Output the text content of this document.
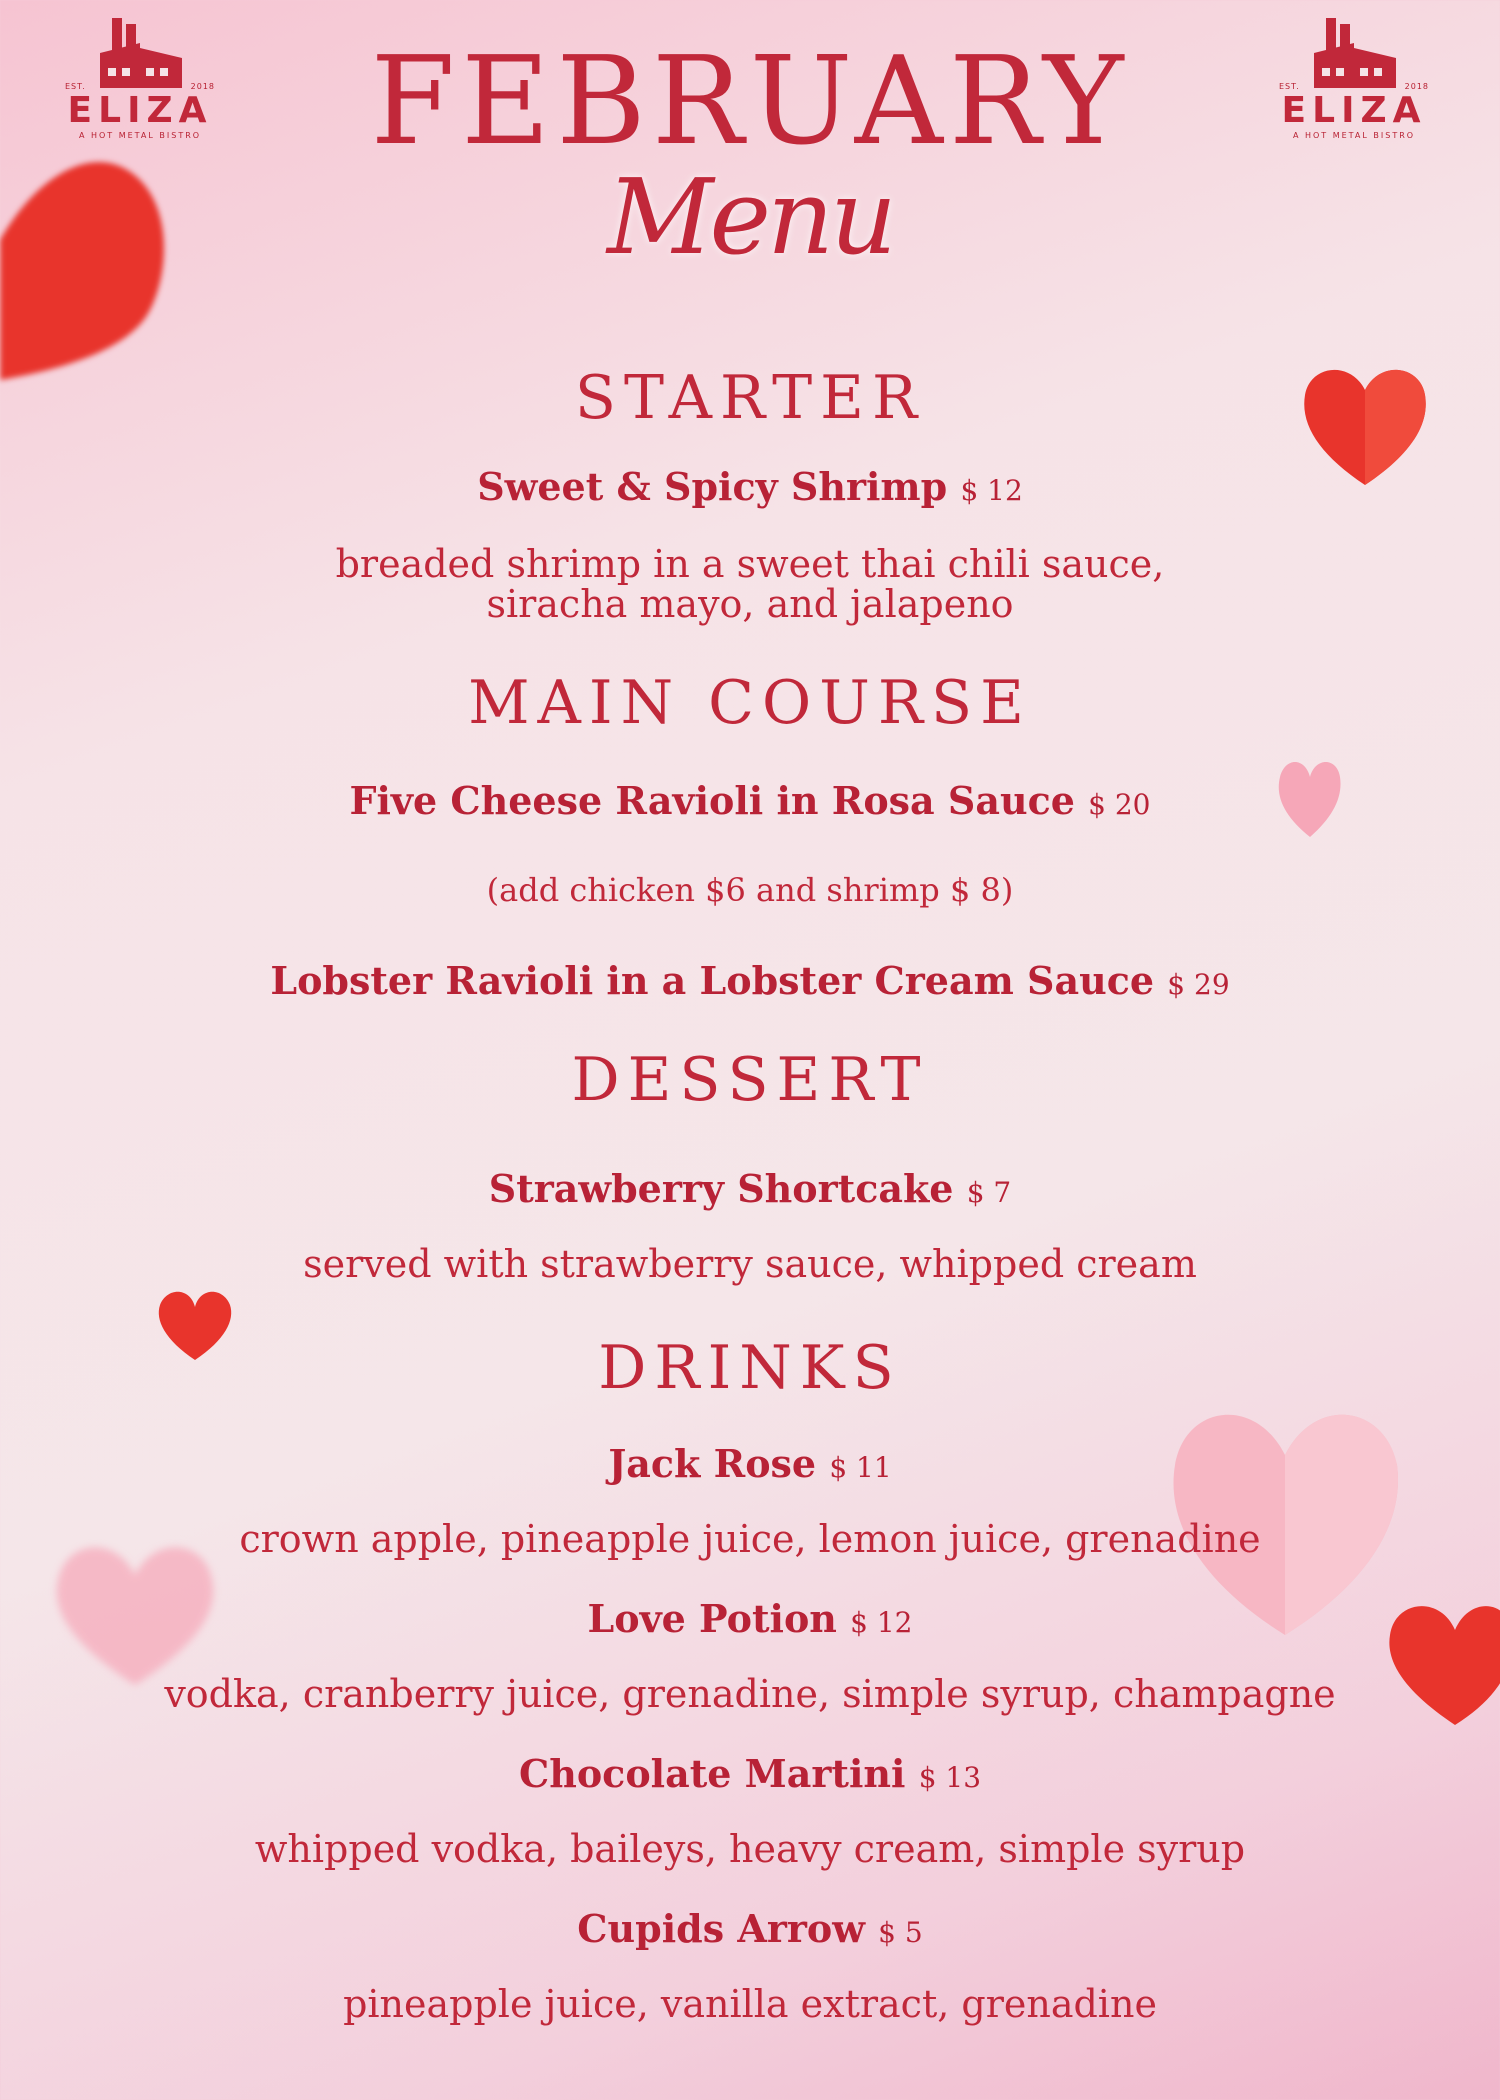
EST.	2018
ELIZA
A HOT METAL BISTRO
EST.	2018
ELIZA
A HOT METAL BISTRO
FEBRUARY
Menu
STARTER
Sweet & Spicy Shrimp $ 12
breaded shrimp in a sweet thai chili sauce,
siracha mayo, and jalapeno
MAIN COURSE
Five Cheese Ravioli in Rosa Sauce $ 20
(add chicken $6 and shrimp $ 8)
Lobster Ravioli in a Lobster Cream Sauce $ 29
DESSERT
Strawberry Shortcake $ 7
served with strawberry sauce, whipped cream
DRINKS
Jack Rose $ 11
crown apple, pineapple juice, lemon juice, grenadine
Love Potion $ 12
vodka, cranberry juice, grenadine, simple syrup, champagne
Chocolate Martini $ 13
whipped vodka, baileys, heavy cream, simple syrup
Cupids Arrow $ 5
pineapple juice, vanilla extract, grenadine
